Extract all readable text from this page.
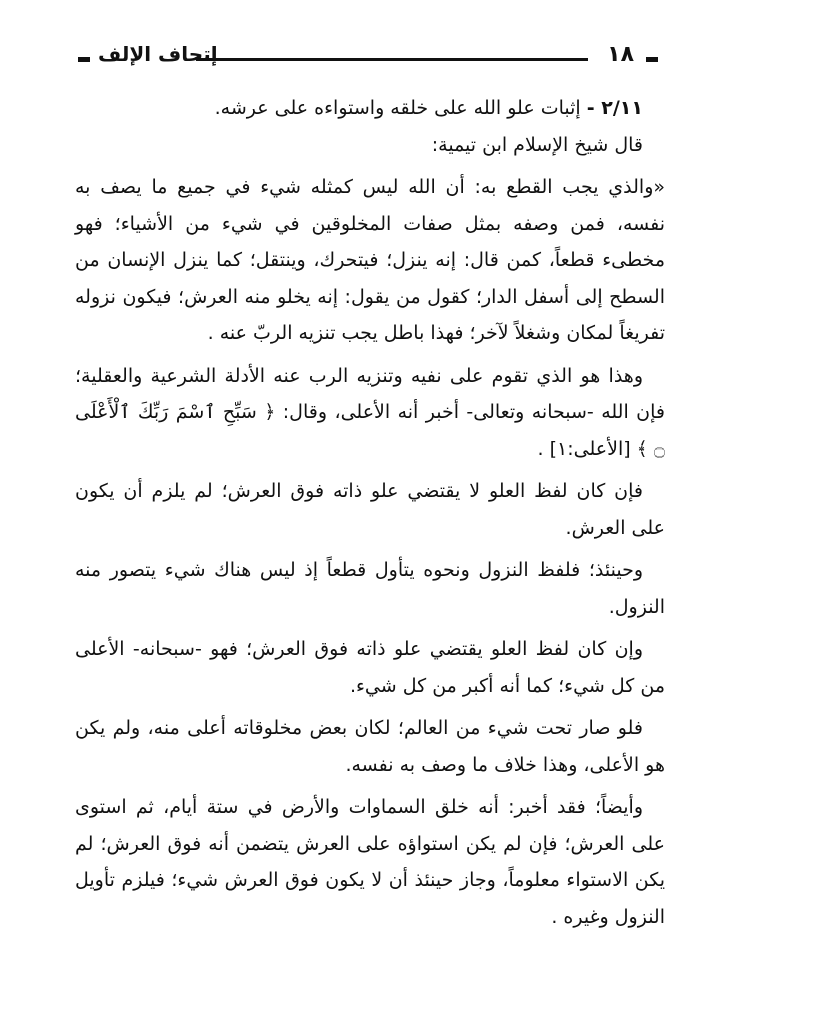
١٨
إتحاف الإلف

٢/١١ - إثبات علو الله على خلقه واستواءه على عرشه.

قال شيخ الإسلام ابن تيمية:

«والذي يجب القطع به: أن الله ليس كمثله شيء في جميع ما يصف به نفسه، فمن وصفه بمثل صفات المخلوقين في شيء من الأشياء؛ فهو مخطىء قطعاً، كمن قال: إنه ينزل؛ فيتحرك، وينتقل؛ كما ينزل الإنسان من السطح إلى أسفل الدار؛ كقول من يقول: إنه يخلو منه العرش؛ فيكون نزوله تفريغاً لمكان وشغلاً لآخر؛ فهذا باطل يجب تنزيه الربّ عنه .

وهذا هو الذي تقوم على نفيه وتنزيه الرب عنه الأدلة الشرعية والعقلية؛ فإن الله -سبحانه وتعالى- أخبر أنه الأعلى، وقال: ﴿ سَبِّحِ ٱسْمَ رَبِّكَ ٱلْأَعْلَى ۝ ﴾ [الأعلى:١] .

فإن كان لفظ العلو لا يقتضي علو ذاته فوق العرش؛ لم يلزم أن يكون على العرش.

وحينئذ؛ فلفظ النزول ونحوه يتأول قطعاً إذ ليس هناك شيء يتصور منه النزول.

وإن كان لفظ العلو يقتضي علو ذاته فوق العرش؛ فهو -سبحانه- الأعلى من كل شيء؛ كما أنه أكبر من كل شيء.

فلو صار تحت شيء من العالم؛ لكان بعض مخلوقاته أعلى منه، ولم يكن هو الأعلى، وهذا خلاف ما وصف به نفسه.

وأيضاً؛ فقد أخبر: أنه خلق السماوات والأرض في ستة أيام، ثم استوى على العرش؛ فإن لم يكن استواؤه على العرش يتضمن أنه فوق العرش؛ لم يكن الاستواء معلوماً، وجاز حينئذ أن لا يكون فوق العرش شيء؛ فيلزم تأويل النزول وغيره .
